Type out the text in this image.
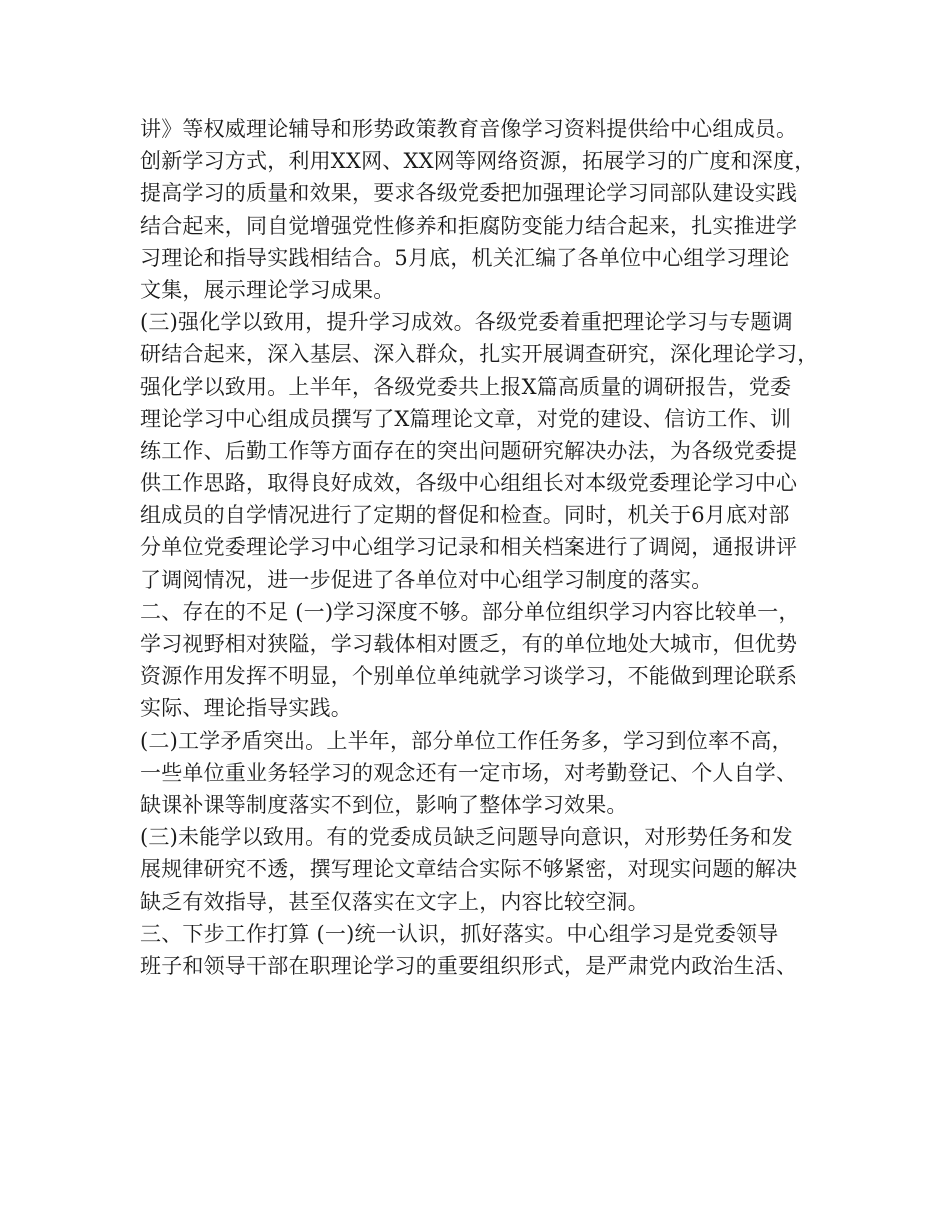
讲》等权威理论辅导和形势政策教育音像学习资料提供给中心组成员。
创新学习方式，利用XX网、XX网等网络资源，拓展学习的广度和深度，
提高学习的质量和效果，要求各级党委把加强理论学习同部队建设实践
结合起来，同自觉增强党性修养和拒腐防变能力结合起来，扎实推进学
习理论和指导实践相结合。5月底，机关汇编了各单位中心组学习理论
文集，展示理论学习成果。
(三)强化学以致用，提升学习成效。各级党委着重把理论学习与专题调
研结合起来，深入基层、深入群众，扎实开展调查研究，深化理论学习，
强化学以致用。上半年，各级党委共上报X篇高质量的调研报告，党委
理论学习中心组成员撰写了X篇理论文章，对党的建设、信访工作、训
练工作、后勤工作等方面存在的突出问题研究解决办法，为各级党委提
供工作思路，取得良好成效，各级中心组组长对本级党委理论学习中心
组成员的自学情况进行了定期的督促和检查。同时，机关于6月底对部
分单位党委理论学习中心组学习记录和相关档案进行了调阅，通报讲评
了调阅情况，进一步促进了各单位对中心组学习制度的落实。
二、存在的不足 (一)学习深度不够。部分单位组织学习内容比较单一，
学习视野相对狭隘，学习载体相对匮乏，有的单位地处大城市，但优势
资源作用发挥不明显，个别单位单纯就学习谈学习，不能做到理论联系
实际、理论指导实践。
(二)工学矛盾突出。上半年，部分单位工作任务多，学习到位率不高，
一些单位重业务轻学习的观念还有一定市场，对考勤登记、个人自学、
缺课补课等制度落实不到位，影响了整体学习效果。
(三)未能学以致用。有的党委成员缺乏问题导向意识，对形势任务和发
展规律研究不透，撰写理论文章结合实际不够紧密，对现实问题的解决
缺乏有效指导，甚至仅落实在文字上，内容比较空洞。
三、下步工作打算 (一)统一认识，抓好落实。中心组学习是党委领导
班子和领导干部在职理论学习的重要组织形式，是严肃党内政治生活、
